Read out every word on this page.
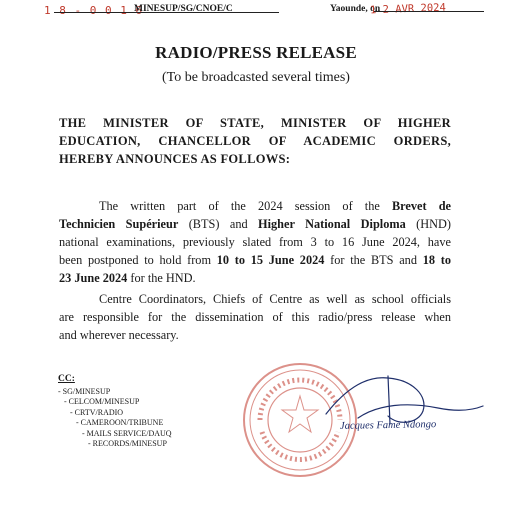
1 8 - 0 0 1 6
MINESUP/SG/CNOE/C	Yaounde, on
1 2 AVR 2024
RADIO/PRESS RELEASE
(To be broadcasted several times)
THE MINISTER OF STATE, MINISTER OF HIGHER
EDUCATION, CHANCELLOR OF ACADEMIC ORDERS,
HEREBY ANNOUNCES AS FOLLOWS:
The written part of the 2024 session of the Brevet de
Technicien Supérieur (BTS) and Higher National Diploma (HND)
national examinations, previously slated from 3 to 16 June 2024, have
been postponed to hold from 10 to 15 June 2024 for the BTS and 18 to
23 June 2024 for the HND.
Centre Coordinators, Chiefs of Centre as well as school officials
are responsible for the dissemination of this radio/press release when
and wherever necessary.
CC:
- SG/MINESUP
- CELCOM/MINESUP
- CRTV/RADIO
- CAMEROON/TRIBUNE
- MAILS SERVICE/DAUQ
- RECORDS/MINESUP
Jacques Fame Ndongo
